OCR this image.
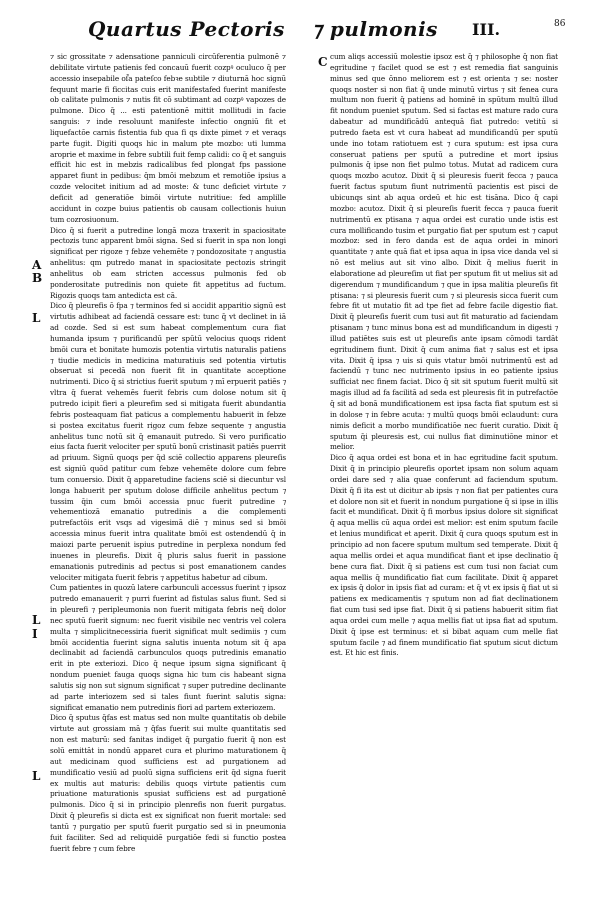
Quartus Pectoris ⁊ pulmonis III.	86
A
B
L
L
I
L
C

⁊ sic grossitate ⁊ adensatione panniculi circūferentia pulmonē ⁊ debilitate virtute patienis fed concauū fuerit cozpꝰ oculuco q̄ per accessio insepabile oſ̄a pateſco febꝛe subtile ⁊ diuturnā hoc signū fequunt marie fi ficcitas cuis erit manifestafed fuerint manifeste ob calitate pulmonis ⁊ nutis fit cō subtimant ad cozpꝰ vapozes de pulmone. Dico q̄ ... esti patentionē mittit mollitudi in facie sanguis: ⁊ inde resoluunt manifeste infectio ongniū fit et liquefactōe carnis fistentia fub qua fi qs dixte pimet ⁊ et veraqs parte fugit. Digiti quoqs hic in malum pte mozbo: uti lumma aroprie et maxime in febre subtili fuit femp calidi: co q̄ et sanguis efficit hic est in mebzis radicalibus fed plongat fps passione apparet fiunt in pedibus: q̄m bmōi mebzum et remotiōe ipsius a cozde velocitet initium ad ad moste: & tunc deficiet virtute ⁊ deficit ad generatiōe bimōi virtute nutritiue: fed amplille accidunt in cozpe buius patientis ob causam collectionis huiun tum cozrosiuonum.

Dico q̄ si fuerit a putredine longā moza traxerit in spaciositate pectozis tunc apparent bmōi signa. Sed si fuerit in spa non longi significat per rigoze ⁊ febze vehemēte ⁊ pondozositate ⁊ angustia anhelitus: qm putredo manat in spaciositate pectozis stringit anhelitus ob eam stricten accessus pulmonis fed ob ponderositate putredinis non quiete fit appetitus ad fuctum. Rigozis quoqs tam antedicta est cā.

Dico q̄ pleurefis ō fpa ⁊ terminos fed si accidit apparitio signū est virtutis adhibeat ad faciendā cessare est: tunc q̄ vt declinet in iā ad cozde. Sed si est sum habeat complementum cura fiat humanda ipsum ⁊ purificandū per spūtū velocius quoqs rident bmōi cura et bonitate humozis potentia virtutis naturalis patiens ⁊ tiudie medicis in medicina maturatiuis sed potentia virtutis obseruat si pecedā non fuerit fit in quantitate acceptione nutrimenti. Dico q̄ si strictius fuerit sputum ⁊ mī erpuerit patiēs ⁊ vltra q̄ fuerat vehemēs fuerit febris cum dolose notum sit q̄ putredo icipit fieri a pleurefim sed si mitigata fuerit abundantia febris posteaquam fiat paticus a complementu habuerit in febze si postea excitatus fuerit rigoz cum febze sequente ⁊ angustia anhelitus tunc notū sit q̄ emanauit putredo. Si vero purificatio eius facta fuerit velociter per sputū bonū cristinasit patiēs puerrit ad priuum. Signū quoqs per q̄d sciē collectio apparens pleureſis est signiū quōd patitur cum febze vehemēte dolore cum febre tum conuersio. Dixit q̄ apparetudine faciens sciē si diecuntur vsl longa habuerit per sputum dolose difficile anhelitus pectum ⁊ tussim q̄in cum bmōi accessia pnuc fuerit putredine ⁊ vehementiozā emanatio putredinis a die complementi putrefactōis erit vsqs ad vigesimā diē ⁊ minus sed si bmōi accessia minus fuerit intra qualitate bmōi est ostendendū q̄ in maiozi parte peruenit ispius putredine in perplexa nondum fed inuenes in pleurefis. Dixit q̄ pluris salus fuerit in passione emanationis putredinis ad pectus si post emanationem candes velociter mitigata fuerit febris ⁊ appetitus habetur ad cibum.

Cum patientes in quozū latere carbunculi accessus fuerint ⁊ ipsoz putredo emanauerit ⁊ purri fuerint ad fistulas salus fiunt. Sed si in pleurefi ⁊ peripleumonia non fuerit mitigata febris neq̄ dolor nec sputū fuerit signum: nec fuerit visibile nec ventris vel colera multa ⁊ simplicitnecessiria fuerit significat mult sedimiis ⁊ cum bmōi accidentia fuerint signa salutis inuenta notum sit q̄ apa declinabit ad faciendā carbunculos quoqs putredinis emanatio erit in pte exteriozi. Dico q̄ neque ipsum signa significant q̄ nondum pueniet fauga quoqs signa hic tum cis habeant signa salutis sig non sut signum significat ⁊ super putredine declinante ad parte interiozem sed si tales fiunt fuerint salutis signa: significat emanatio nem putredinis fiori ad partem exteriozem.

Dico q̄ sputus q̄fas est matus sed non multe quantitatis ob debile virtute aut grossiam mā ⁊ q̄fas fuerit sui multe quantitatis sed non est maturū: sed fanitas indiget q̄ purgatio fuerit q̄ non est solū emittāt in nondū apparet cura et plurimo maturationem q̄ aut medicinam quod sufficiens est ad purgationem ad mundificatio vesiū ad puolū signa sufficiens erit q̄d signa fuerit ex multis aut maturis: debilis quoqs virtute patientis cum priuatione maturationis spusiat sufficiens est ad purgationē pulmonis. Dico q̄ si in principio plenrefis non fuerit purgatus. Dixit q̄ pleurefis si dicta est ex significat non fuerit mortale: sed tantū ⁊ purgatio per sputū fuerit purgatio sed si in pneumonia fuit faciliter. Sed ad reliquidē purgatiōe fedi si functio postea fuerit febre ⁊ cum febre

cum aliqs accessiū molestie ipsoz est q̄ ⁊ philosophe q̄ non fiat egritudine ⁊ facilet quod se est ⁊ est remedia fiat sanguinis minus sed que ōnno meliorem est ⁊ est orienta ⁊ se: noster quoqs noster si non fiat q̄ unde minutū virtus ⁊ sit fenea cura multum non fuerit q̄ patiens ad hominē in spūtum multū illud fit nondum pueniet sputum. Sed si factas est mature rado cura dabeatur ad mundificādū antequā fiat putredo: vetitū si putredo faeta est vt cura habeat ad mundificandū per sputū unde ino totam ratiotuem est ⁊ cura sputum: est ipsa cura conseruat patiens per sputū a putredine et mort ipsius pulmonis q̄ ipse non fiet pulmo totus. Mutat ad radicem cura quoqs mozbo acutoz. Dixit q̄ si pleuresis fuerit fecca ⁊ pauca fuerit factus sputum fiunt nutrimentū pacientis est pisci de ubicunqs sint ab aqua ordeū et hic est tisāna. Dico q̄ capi mozbo: acutoz. Dixit q̄ si pleureſis fuerit fecca ⁊ pauca fuerit nutrimentū ex ptisana ⁊ aqua ordei est curatio unde istis est cura mollificando tusim et purgatio fiat per sputum est ⁊ caput mozboz: sed in fero danda est de aqua ordei in minori quantitate ⁊ ante quā fiat et ipsa aqua in ipsa vice danda vel si nō est melius aut sit vino albo. Dixit q̄ melius fuerit in elaboratione ad pleureſim ut fiat per sputum fit ut melius sit ad digerendum ⁊ mundificandum ⁊ que in ipsa malitia pleureſis fit ptisana: ⁊ si pleuresis fuerit cum ⁊ si pleuresis sicca fuerit cum febre fit ut mutatio fit ad tpe fiet ad febre facile digestio fiat. Dixit q̄ pleureſis fuerit cum tusi aut fit maturatio ad faciendam ptisanam ⁊ tunc minus bona est ad mundificandum in digesti ⁊ illud patiētes suis est ut pleureſis ante ipsam cōmodi tardāt egritudinem fiunt. Dixit q̄ cum anima fiat ⁊ salus est et ipsa vita. Dixit q̄ ipsa ⁊ uis si quis vtatur bmōi nutrimentū est ad faciendū ⁊ tunc nec nutrimento ipsius in eo patiente ipsius sufficiat nec finem faciat. Dico q̄ sit sit sputum fuerit multū sit magis illud ad fa facilitā ad seda est pleuresis fit in putrefactōe q̄ sit ad bonā mundificationem est ipsa facta fiat sputum est si in dolose ⁊ in febre acuta: ⁊ multū quoqs bmōi eclaudunt: cura nimis deficit a morbo mundificatiōe nec fuerit curatio. Dixit q̄ sputum q̄i pleuresis est, cui nullus fiat diminutiōne minor et melior.

Dico q̄ aqua ordei est bona et in hac egritudine facit sputum. Dixit q̄ in principio pleurefis oportet ipsam non solum aquam ordei dare sed ⁊ alia quae conferunt ad faciendum sputum. Dixit q̄ fi ita est ut dicitur ab ipsis ⁊ non fiat per patientes cura et dolore non sit et fuerit in nondum purgatione q̄ si ipse in illis facit et mundificat. Dixit q̄ fi morbus ipsius dolore sit significat q̄ aqua mellis cū aqua ordei est melior: est enim sputum facile et lenius mundificat et aperit. Dixit q̄ cura quoqs sputum est in principio ad non facere sputum multum sed temperate. Dixit q̄ aqua mellis ordei et aqua mundificat fiant et ipse declinatio q̄ bene cura fiat. Dixit q̄ si patiens est cum tusi non faciat cum aqua mellis q̄ mundificatio fiat cum facilitate. Dixit q̄ apparet ex ipsis q̄ dolor in ipsis fiat ad curam: et q̄ vt ex ipsis q̄ fiat ut si patiens ex medicamentis ⁊ sputum non ad fiat declinationem fiat cum tusi sed ipse fiat. Dixit q̄ si patiens habuerit sitim fiat aqua ordei cum melle ⁊ aqua mellis fiat ut ipsa fiat ad sputum. Dixit q̄ ipse est terminus: et si bibat aquam cum melle fiat sputum facile ⁊ ad finem mundificatio fiat sputum sicut dictum est. Et hic est finis.
